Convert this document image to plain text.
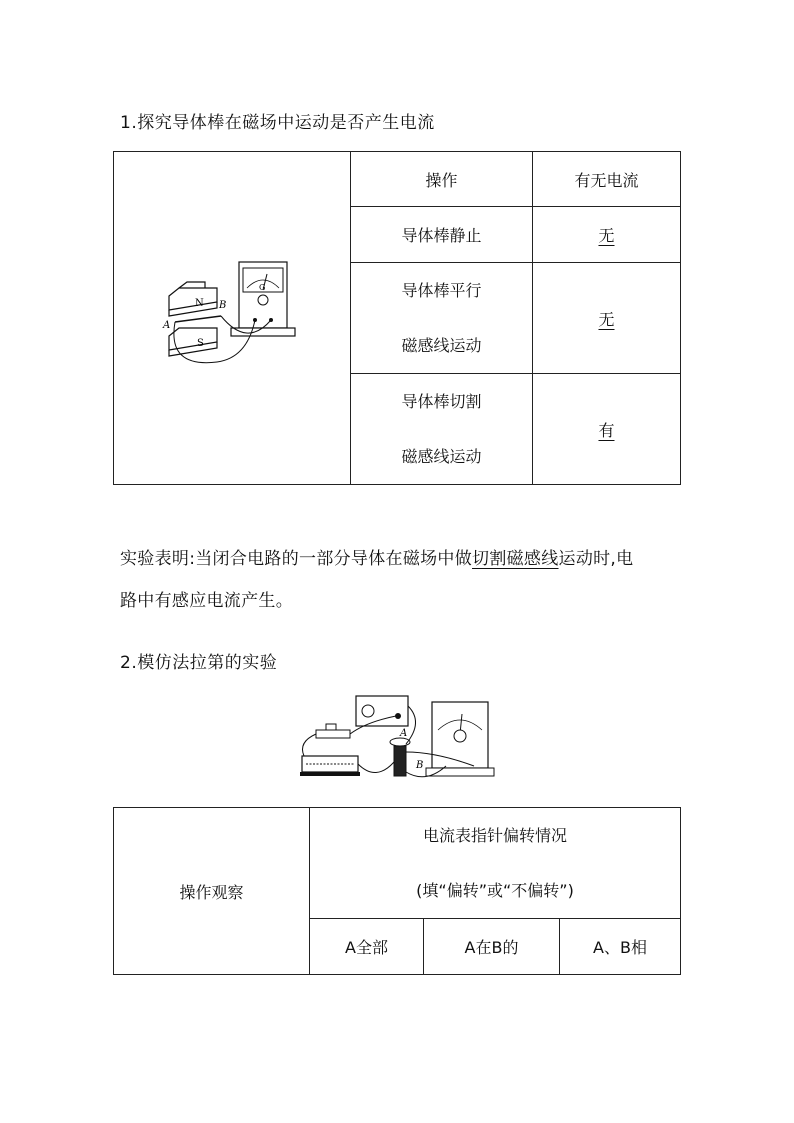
1.探究导体棒在磁场中运动是否产生电流
N
S
A
B
G	操作	有无电流
	导体棒静止	无

	导体棒平行
磁感线运动	无

	导体棒切割
磁感线运动	有
实验表明:当闭合电路的一部分导体在磁场中做切割磁感线运动时,电
路中有感应电流产生。
2.模仿法拉第的实验
A
B
操作观察	电流表指针偏转情况
(填“偏转”或“不偏转”)		

	A全部	A在B的	A、B相
